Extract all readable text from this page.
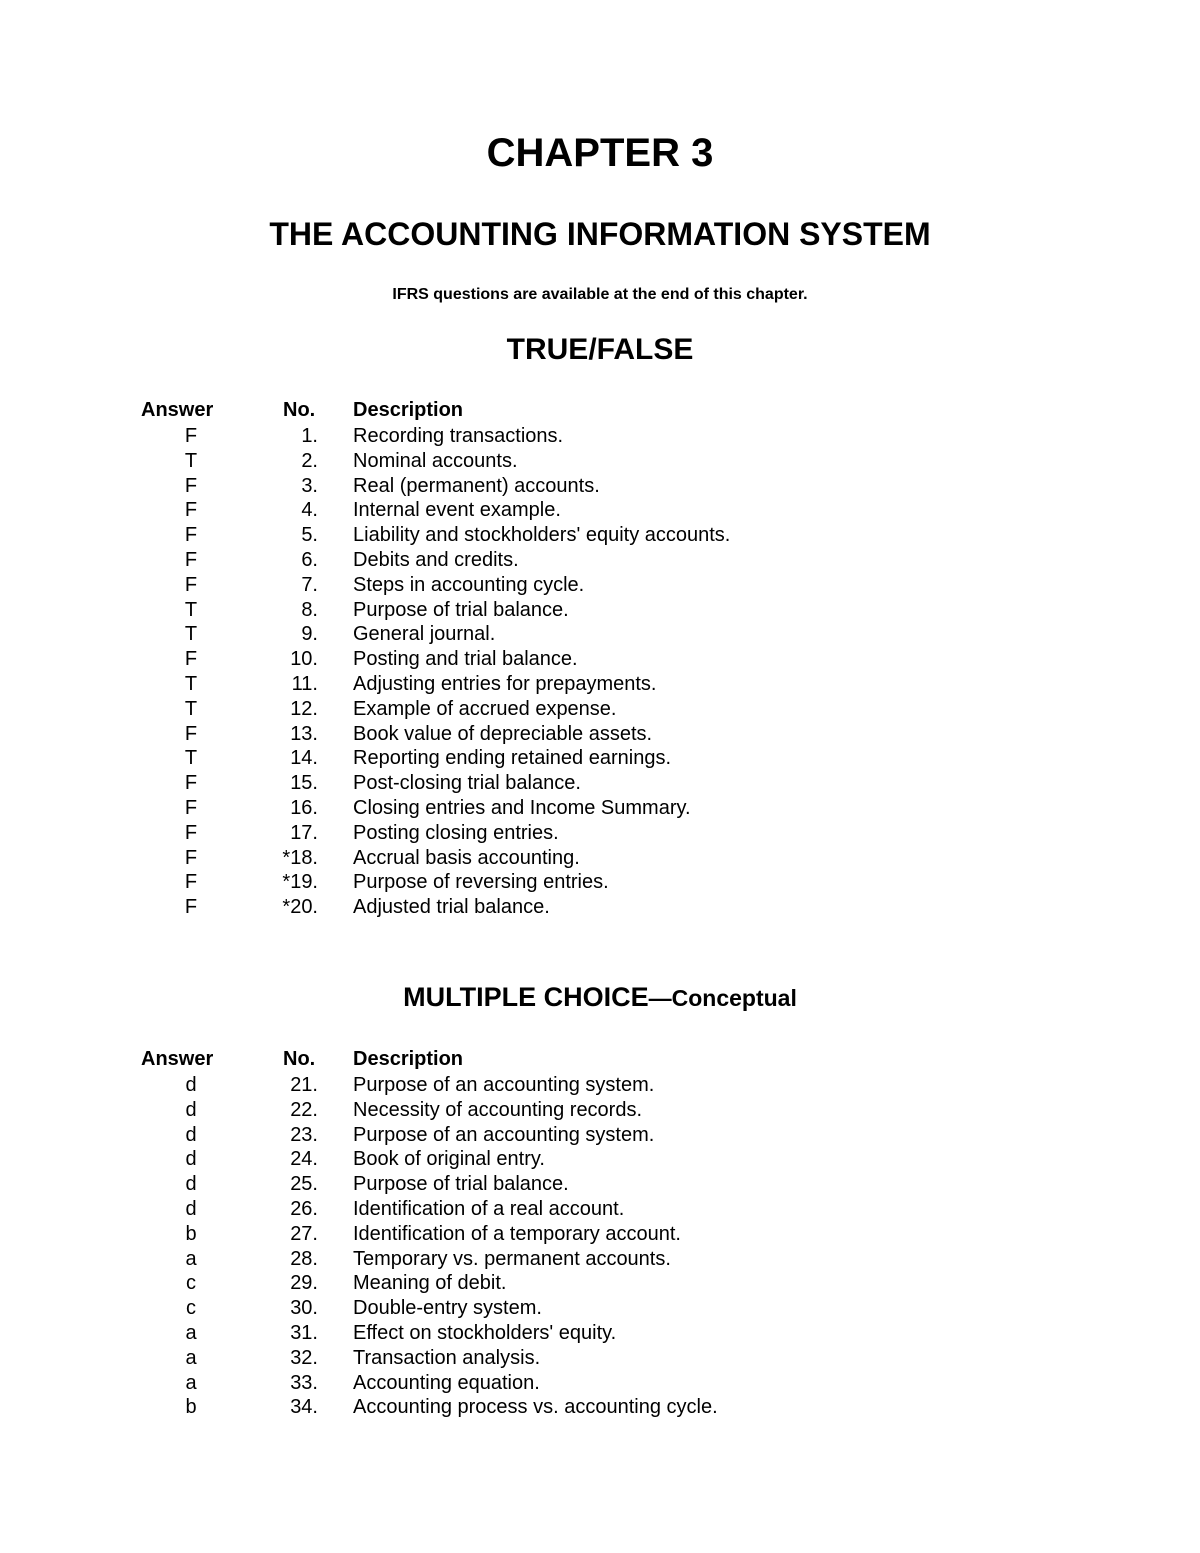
CHAPTER 3
THE ACCOUNTING INFORMATION SYSTEM
IFRS questions are available at the end of this chapter.
TRUE/FALSE
Answer	No. Description
F	1. Recording transactions.
T	2. Nominal accounts.
F	3. Real (permanent) accounts.
F	4. Internal event example.
F	5. Liability and stockholders' equity accounts.
F	6. Debits and credits.
F	7. Steps in accounting cycle.
T	8. Purpose of trial balance.
T	9. General journal.
F	10. Posting and trial balance.
T	11. Adjusting entries for prepayments.
T	12. Example of accrued expense.
F	13. Book value of depreciable assets.
T	14. Reporting ending retained earnings.
F	15. Post-closing trial balance.
F	16. Closing entries and Income Summary.
F	17. Posting closing entries.
F	*18. Accrual basis accounting.
F	*19. Purpose of reversing entries.
F	*20. Adjusted trial balance.
MULTIPLE CHOICE—Conceptual
Answer	No. Description
d	21. Purpose of an accounting system.
d	22. Necessity of accounting records.
d	23. Purpose of an accounting system.
d	24. Book of original entry.
d	25. Purpose of trial balance.
d	26. Identification of a real account.
b	27. Identification of a temporary account.
a	28. Temporary vs. permanent accounts.
c	29. Meaning of debit.
c	30. Double-entry system.
a	31. Effect on stockholders' equity.
a	32. Transaction analysis.
a	33. Accounting equation.
b	34. Accounting process vs. accounting cycle.
